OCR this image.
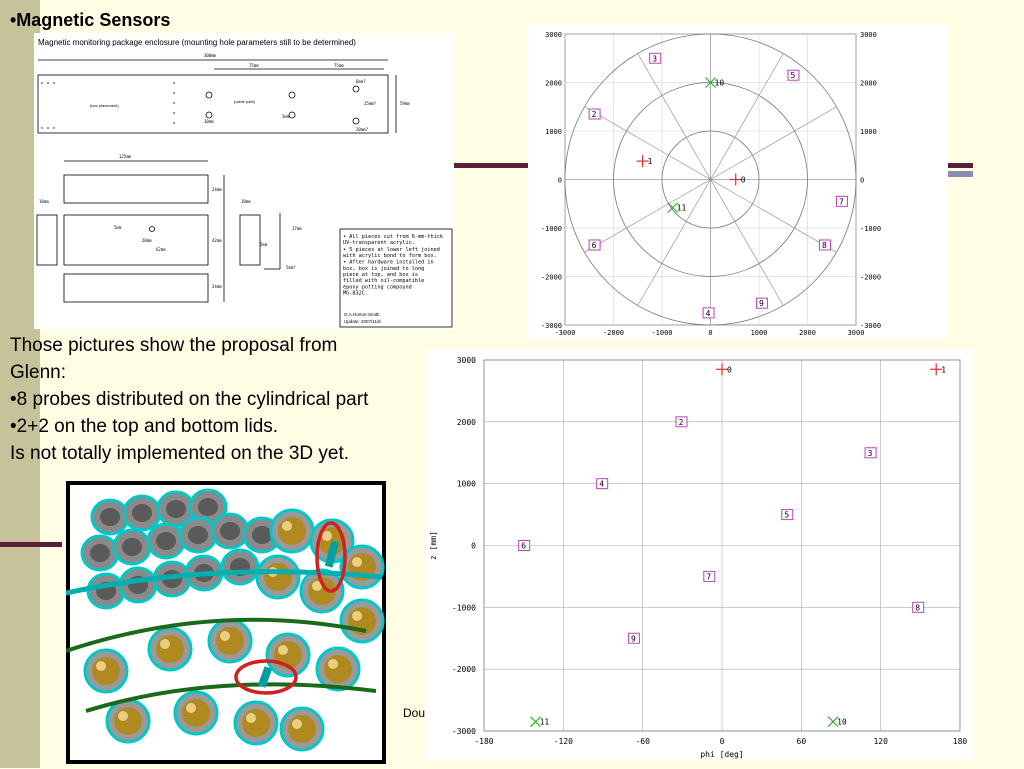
•Magnetic Sensors
Magnetic monitoring package enclosure (mounting hole parameters still to be determined)
300mm
75mm	75mm
125mm
10mm	10mm
24mm
42mm
24mm
62mm
5mm
20mm
6mm?
25mm?
20mm?
59mm
5mm
10mm
5mm
17mm
5mm?
(box placement)
(cable path)
• All pieces cut from 6-mm-thick
UV-transparent acrylic.
• 5 pieces at lower left joined
with acrylic bond to form box.
• After hardware installed in
box, box is joined to long
piece at top, and box is
filled with oil-compatible
epoxy potting compound
MG-832C.
G.A.Horton-Smith
Update: 2007/11/6
-3000
-3000	-3000
-2000
-2000	-2000
-1000
-1000	-1000
0
0	0
1000
1000	1000
2000
2000	2000
3000
3000	3000
0
1
10
11
2
3
4
5
6
7
8
9
Those pictures show the proposal from
Glenn:
•8 probes distributed on the cylindrical part
•2+2 on the top and bottom lids.
Is not totally implemented on the 3D yet.
Dou
-180	-120	-60	0	60	120	180
-3000
-2000
-1000
0
1000
2000
3000
phi [deg]
z [mm]
0	1
2
3
4
5
6
7
8
9
10
11
